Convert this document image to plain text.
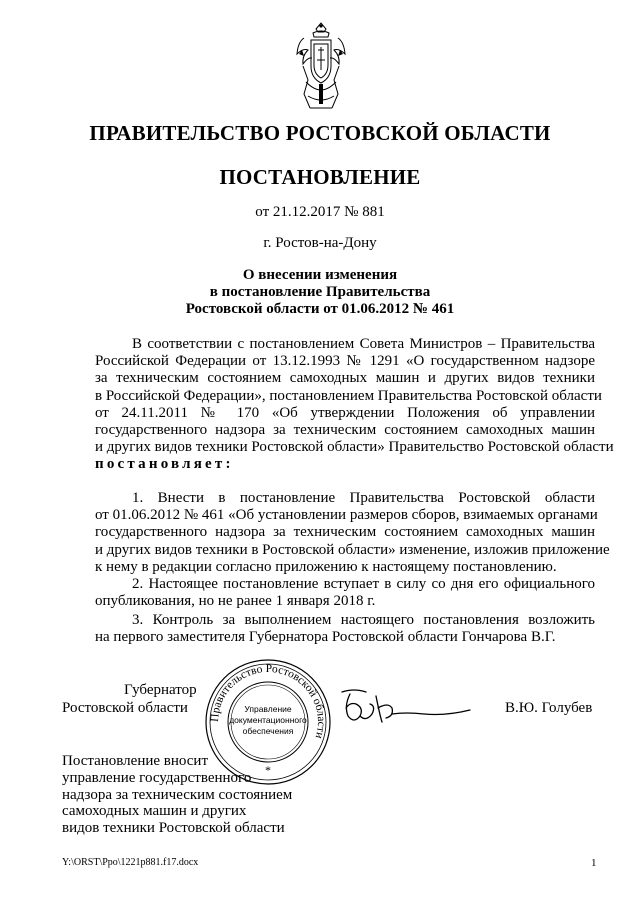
ПРАВИТЕЛЬСТВО РОСТОВСКОЙ ОБЛАСТИ
ПОСТАНОВЛЕНИЕ
от 21.12.2017 № 881
г. Ростов-на-Дону
О внесении изменения
в постановление Правительства
Ростовской области от 01.06.2012 № 461
В соответствии с постановлением Совета Министров – Правительства
Российской Федерации от 13.12.1993 № 1291 «О государственном надзоре
за техническим состоянием самоходных машин и других видов техники
в Российской Федерации», постановлением Правительства Ростовской области
от 24.11.2011 № 170 «Об утверждении Положения об управлении
государственного надзора за техническим состоянием самоходных машин
и других видов техники Ростовской области» Правительство Ростовской области
постановляет:
1. Внести в постановление Правительства Ростовской области
от 01.06.2012 № 461 «Об установлении размеров сборов, взимаемых органами
государственного надзора за техническим состоянием самоходных машин
и других видов техники в Ростовской области» изменение, изложив приложение
к нему в редакции согласно приложению к настоящему постановлению.
2. Настоящее постановление вступает в силу со дня его официального
опубликования, но не ранее 1 января 2018 г.
3. Контроль за выполнением настоящего постановления возложить
на первого заместителя Губернатора Ростовской области Гончарова В.Г.
Губернатор
Ростовской области
Правительство Ростовской области
Управление
документационного
обеспечения
*
В.Ю. Голубев
Постановление вносит
управление государственного
надзора за техническим состоянием
самоходных машин и других
видов техники Ростовской области
Y:\ORST\Ppo\1221p881.f17.docx	1
